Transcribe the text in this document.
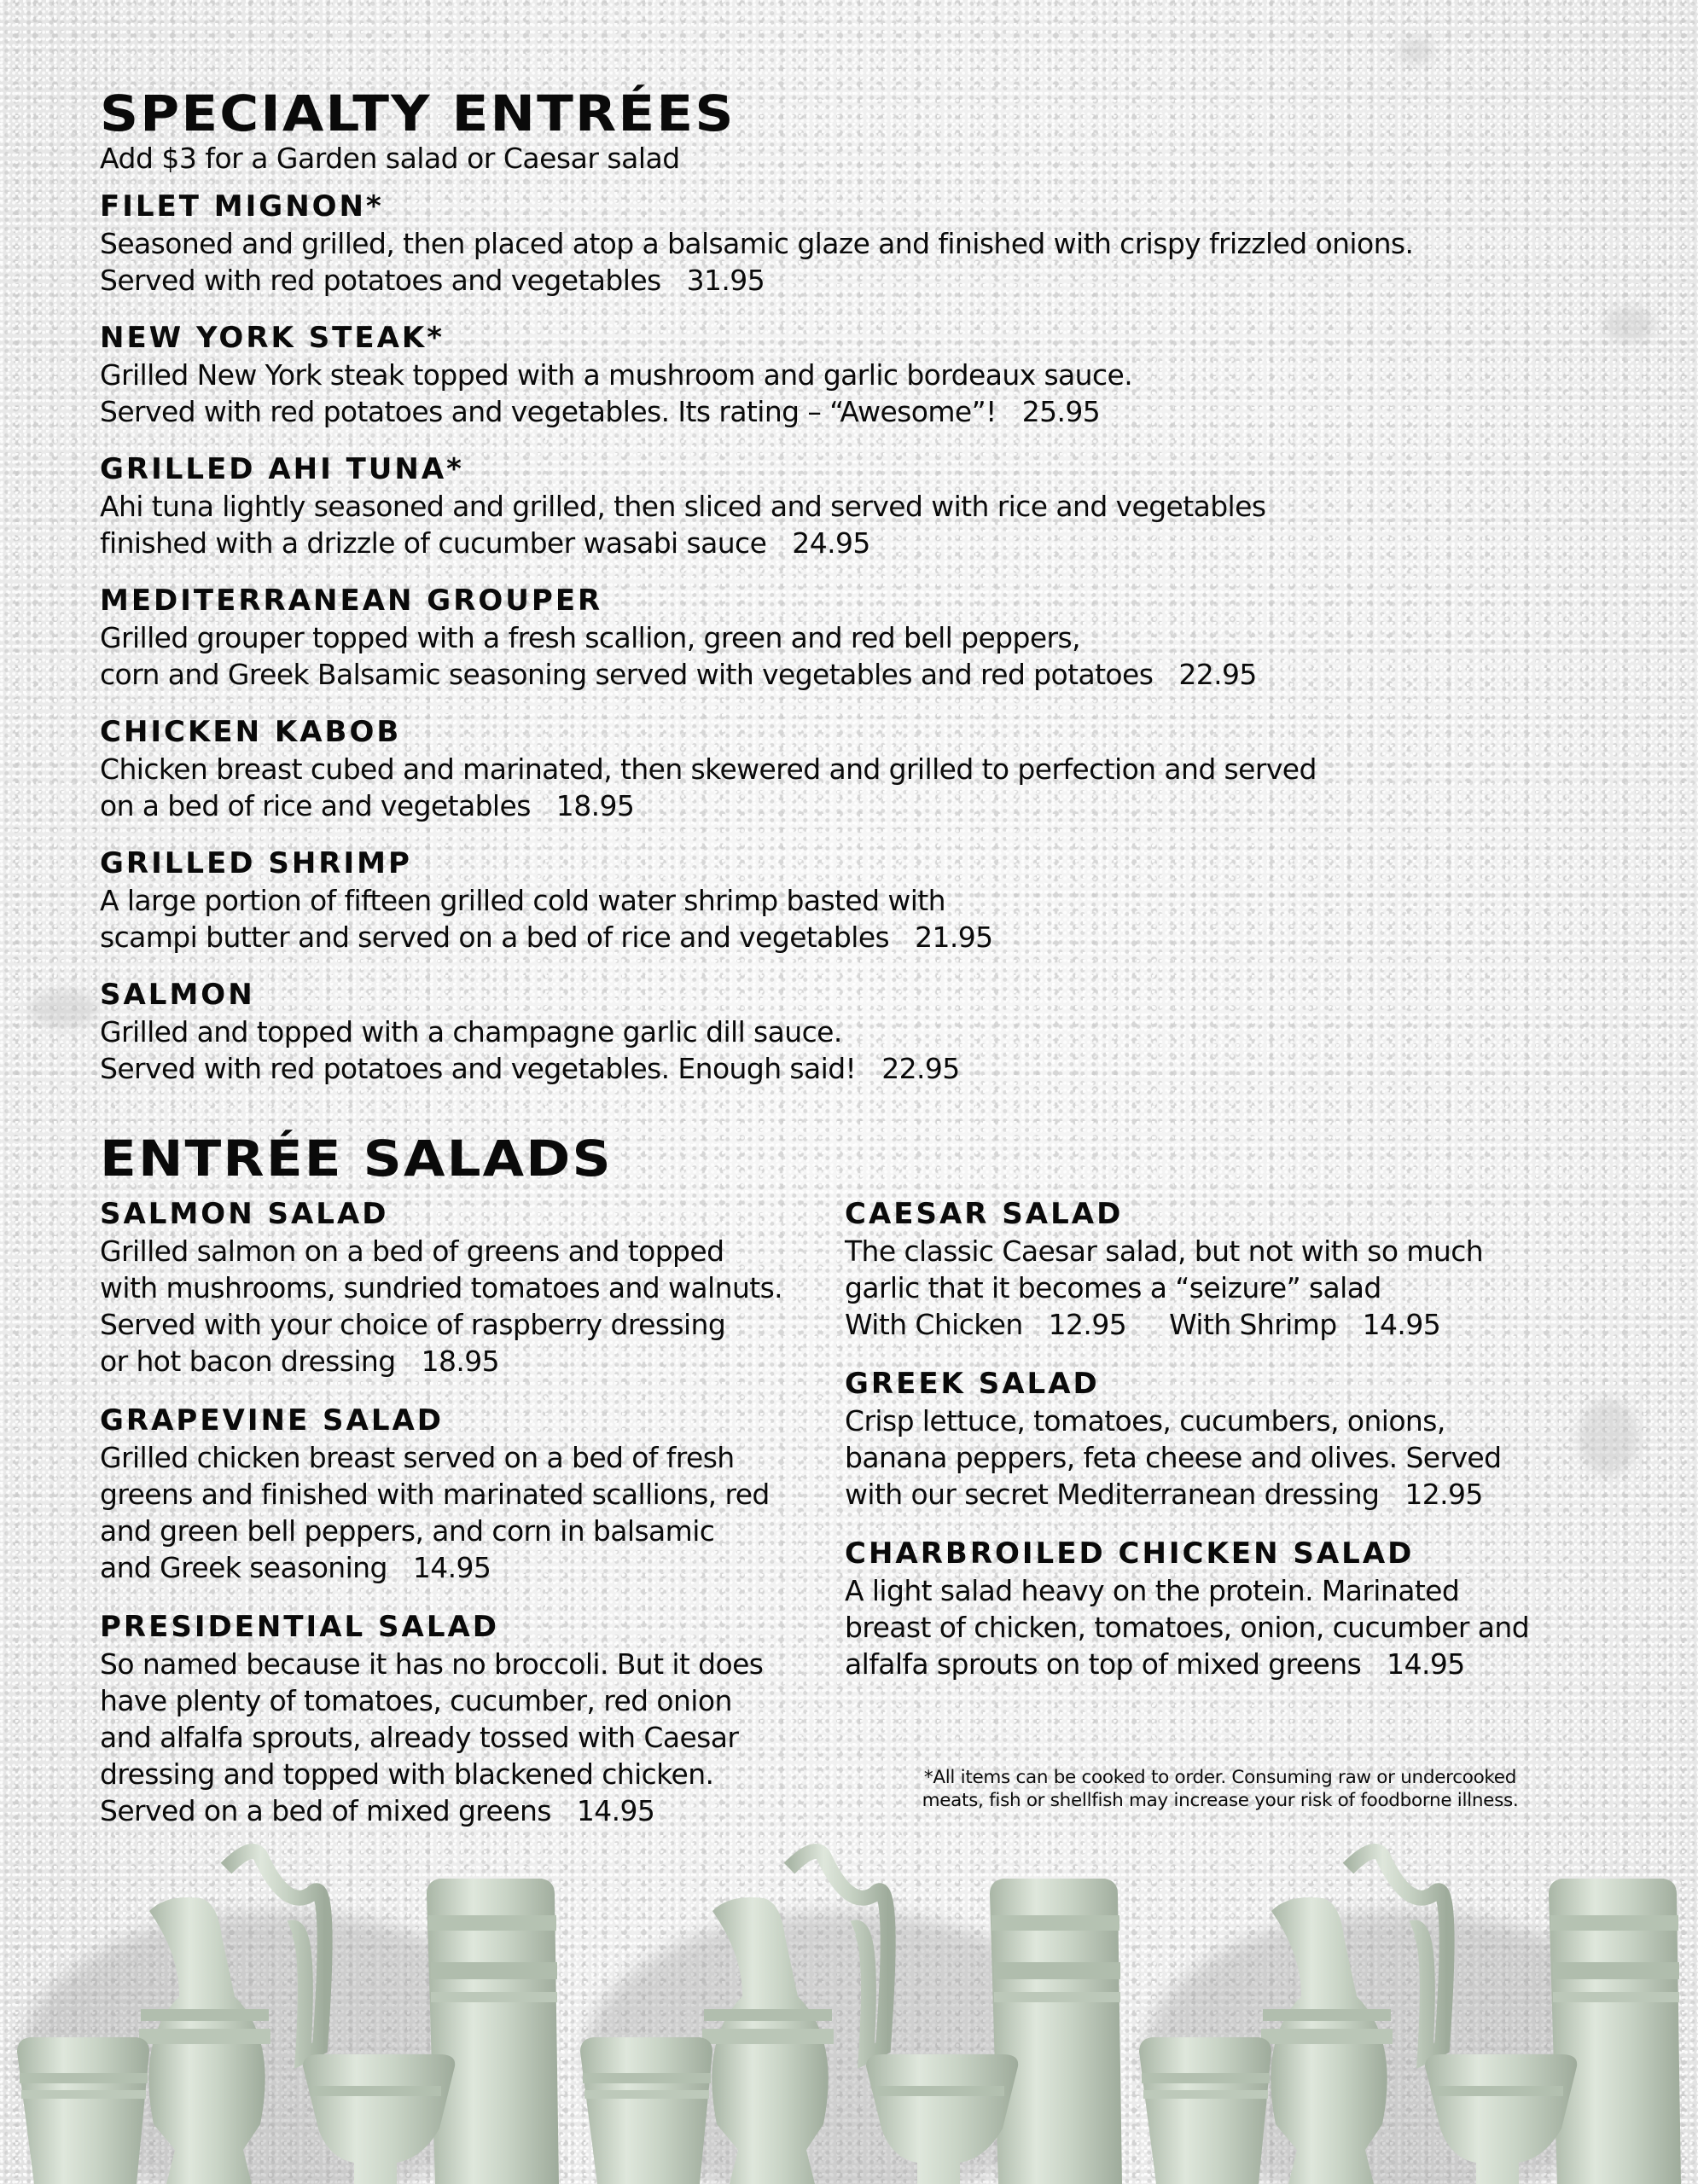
SPECIALTY ENTRÉES

Add $3 for a Garden salad or Caesar salad

FILET MIGNON*

Seasoned and grilled, then placed atop a balsamic glaze and finished with crispy frizzled onions.

Served with red potatoes and vegetables 31.95

NEW YORK STEAK*

Grilled New York steak topped with a mushroom and garlic bordeaux sauce.

Served with red potatoes and vegetables. Its rating – “Awesome”! 25.95

GRILLED AHI TUNA*

Ahi tuna lightly seasoned and grilled, then sliced and served with rice and vegetables

finished with a drizzle of cucumber wasabi sauce 24.95

MEDITERRANEAN GROUPER

Grilled grouper topped with a fresh scallion, green and red bell peppers,

corn and Greek Balsamic seasoning served with vegetables and red potatoes 22.95

CHICKEN KABOB

Chicken breast cubed and marinated, then skewered and grilled to perfection and served

on a bed of rice and vegetables 18.95

GRILLED SHRIMP

A large portion of fifteen grilled cold water shrimp basted with

scampi butter and served on a bed of rice and vegetables 21.95

SALMON

Grilled and topped with a champagne garlic dill sauce.

Served with red potatoes and vegetables. Enough said! 22.95

ENTRÉE SALADS
SALMON SALAD

Grilled salmon on a bed of greens and topped

with mushrooms, sundried tomatoes and walnuts.

Served with your choice of raspberry dressing

or hot bacon dressing 18.95

GRAPEVINE SALAD

Grilled chicken breast served on a bed of fresh

greens and finished with marinated scallions, red

and green bell peppers, and corn in balsamic

and Greek seasoning 14.95

PRESIDENTIAL SALAD

So named because it has no broccoli. But it does

have plenty of tomatoes, cucumber, red onion

and alfalfa sprouts, already tossed with Caesar

dressing and topped with blackened chicken.

Served on a bed of mixed greens 14.95

CAESAR SALAD

The classic Caesar salad, but not with so much

garlic that it becomes a “seizure” salad

With Chicken 12.95 With Shrimp 14.95

GREEK SALAD

Crisp lettuce, tomatoes, cucumbers, onions,

banana peppers, feta cheese and olives. Served

with our secret Mediterranean dressing 12.95

CHARBROILED CHICKEN SALAD

A light salad heavy on the protein. Marinated

breast of chicken, tomatoes, onion, cucumber and

alfalfa sprouts on top of mixed greens 14.95

*All items can be cooked to order. Consuming raw or undercooked
meats, fish or shellfish may increase your risk of foodborne illness.
